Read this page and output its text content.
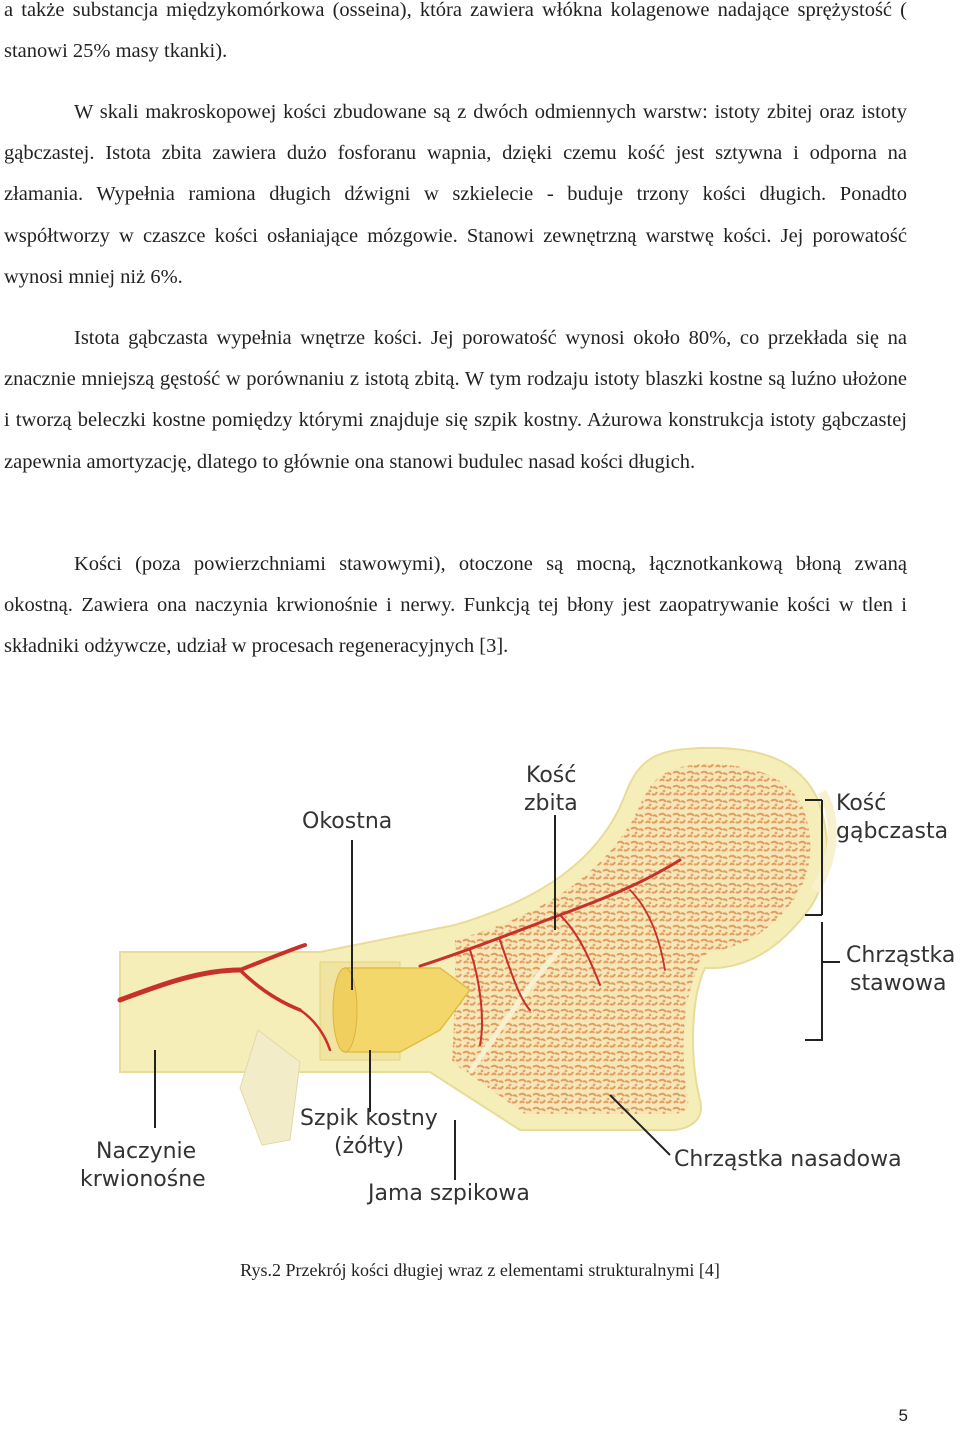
a także substancja międzykomórkowa (osseina), która zawiera włókna kolagenowe nadające sprężystość ( stanowi 25% masy tkanki).

W skali makroskopowej kości zbudowane są z dwóch odmiennych warstw: istoty zbitej oraz istoty gąbczastej. Istota zbita zawiera dużo fosforanu wapnia, dzięki czemu kość jest sztywna i odporna na złamania. Wypełnia ramiona długich dźwigni w szkielecie - buduje trzony kości długich. Ponadto współtworzy w czaszce kości osłaniające mózgowie. Stanowi zewnętrzną warstwę kości. Jej porowatość wynosi mniej niż 6%.

Istota gąbczasta wypełnia wnętrze kości. Jej porowatość wynosi około 80%, co przekłada się na znacznie mniejszą gęstość w porównaniu z istotą zbitą. W tym rodzaju istoty blaszki kostne są luźno ułożone i tworzą beleczki kostne pomiędzy którymi znajduje się szpik kostny. Ażurowa konstrukcja istoty gąbczastej zapewnia amortyzację, dlatego to głównie ona stanowi budulec nasad kości długich.

Kości (poza powierzchniami stawowymi), otoczone są mocną, łącznotkankową błoną zwaną okostną. Zawiera ona naczynia krwionośnie i nerwy. Funkcją tej błony jest zaopatrywanie kości w tlen i składniki odżywcze, udział w procesach regeneracyjnych [3].

Okostna
Kość
zbita	Kość
gąbczasta
Chrząstka
stawowa
Naczynie
krwionośne
Szpik kostny
(żółty)
Jama szpikowa
Chrząstka nasadowa
Rys.2 Przekrój kości długiej wraz z elementami strukturalnymi [4]
5
